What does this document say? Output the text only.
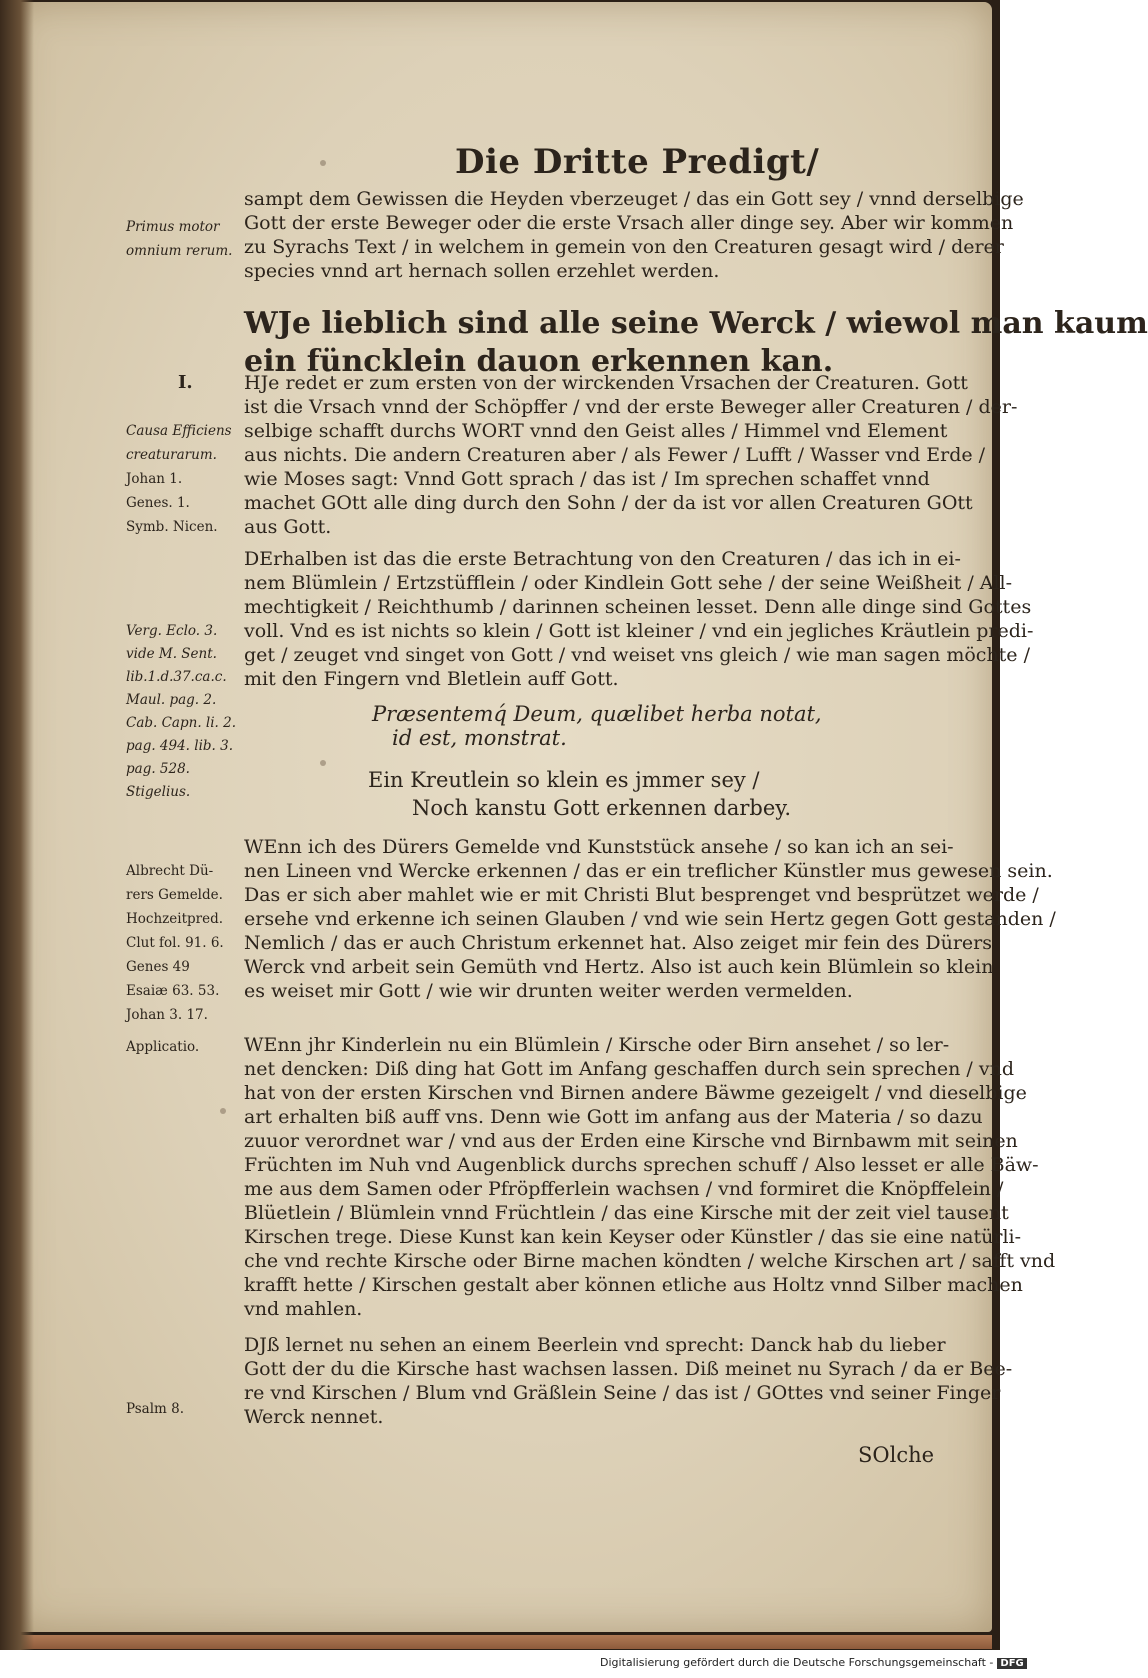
Die Dritte Predigt/
sampt dem Gewissen die Heyden vberzeuget / das ein Gott sey / vnnd derselbige
Gott der erste Beweger oder die erste Vrsach aller dinge sey. Aber wir kommen
zu Syrachs Text / in welchem in gemein von den Creaturen gesagt wird / derer
species vnnd art hernach sollen erzehlet werden.
WJe lieblich sind alle seine Werck / wiewol man kaum
ein füncklein dauon erkennen kan.
I.	HJe redet er zum ersten von der wirckenden Vrsachen der Creaturen. Gott
ist die Vrsach vnnd der Schöpffer / vnd der erste Beweger aller Creaturen / der-
selbige schafft durchs WORT vnnd den Geist alles / Himmel vnd Element
aus nichts. Die andern Creaturen aber / als Fewer / Lufft / Wasser vnd Erde /
wie Moses sagt: Vnnd Gott sprach / das ist / Im sprechen schaffet vnnd
machet GOtt alle ding durch den Sohn / der da ist vor allen Creaturen GOtt
aus Gott.
DErhalben ist das die erste Betrachtung von den Creaturen / das ich in ei-
nem Blümlein / Ertzstüfflein / oder Kindlein Gott sehe / der seine Weißheit / All-
mechtigkeit / Reichthumb / darinnen scheinen lesset. Denn alle dinge sind Gottes
voll. Vnd es ist nichts so klein / Gott ist kleiner / vnd ein jegliches Kräutlein predi-
get / zeuget vnd singet von Gott / vnd weiset vns gleich / wie man sagen möchte /
mit den Fingern vnd Bletlein auff Gott.
Præsentemq́ Deum, quælibet herba notat,
id est, monstrat.
Ein Kreutlein so klein es jmmer sey /
Noch kanstu Gott erkennen darbey.
WEnn ich des Dürers Gemelde vnd Kunststück ansehe / so kan ich an sei-
nen Lineen vnd Wercke erkennen / das er ein treflicher Künstler mus gewesen sein.
Das er sich aber mahlet wie er mit Christi Blut besprenget vnd besprützet werde /
ersehe vnd erkenne ich seinen Glauben / vnd wie sein Hertz gegen Gott gestanden /
Nemlich / das er auch Christum erkennet hat. Also zeiget mir fein des Dürers
Werck vnd arbeit sein Gemüth vnd Hertz. Also ist auch kein Blümlein so klein
es weiset mir Gott / wie wir drunten weiter werden vermelden.
WEnn jhr Kinderlein nu ein Blümlein / Kirsche oder Birn ansehet / so ler-
net dencken: Diß ding hat Gott im Anfang geschaffen durch sein sprechen / vnd
hat von der ersten Kirschen vnd Birnen andere Bäwme gezeigelt / vnd dieselbige
art erhalten biß auff vns. Denn wie Gott im anfang aus der Materia / so dazu
zuuor verordnet war / vnd aus der Erden eine Kirsche vnd Birnbawm mit seinen
Früchten im Nuh vnd Augenblick durchs sprechen schuff / Also lesset er alle Bäw-
me aus dem Samen oder Pfröpfferlein wachsen / vnd formiret die Knöpffelein /
Blüetlein / Blümlein vnnd Früchtlein / das eine Kirsche mit der zeit viel tausent
Kirschen trege. Diese Kunst kan kein Keyser oder Künstler / das sie eine natürli-
che vnd rechte Kirsche oder Birne machen köndten / welche Kirschen art / safft vnd
krafft hette / Kirschen gestalt aber können etliche aus Holtz vnnd Silber machen
vnd mahlen.
DJß lernet nu sehen an einem Beerlein vnd sprecht: Danck hab du lieber
Gott der du die Kirsche hast wachsen lassen. Diß meinet nu Syrach / da er Bee-
re vnd Kirschen / Blum vnd Gräßlein Seine / das ist / GOttes vnd seiner Finger
Werck nennet.
SOlche
Primus motor
omnium rerum.
Causa Efficiens
creaturarum.
Johan 1.
Genes. 1.
Symb. Nicen.
Verg. Eclo. 3.
vide M. Sent.
lib.1.d.37.ca.c.
Maul. pag. 2.
Cab. Capn. li. 2.
pag. 494. lib. 3.
pag. 528.
Stigelius.
Albrecht Dü-
rers Gemelde.
Hochzeitpred.
Clut fol. 91. 6.
Genes 49
Esaiæ 63. 53.
Johan 3. 17.
Applicatio.
Psalm 8.
Digitalisierung gefördert durch die Deutsche Forschungsgemeinschaft - DFG
